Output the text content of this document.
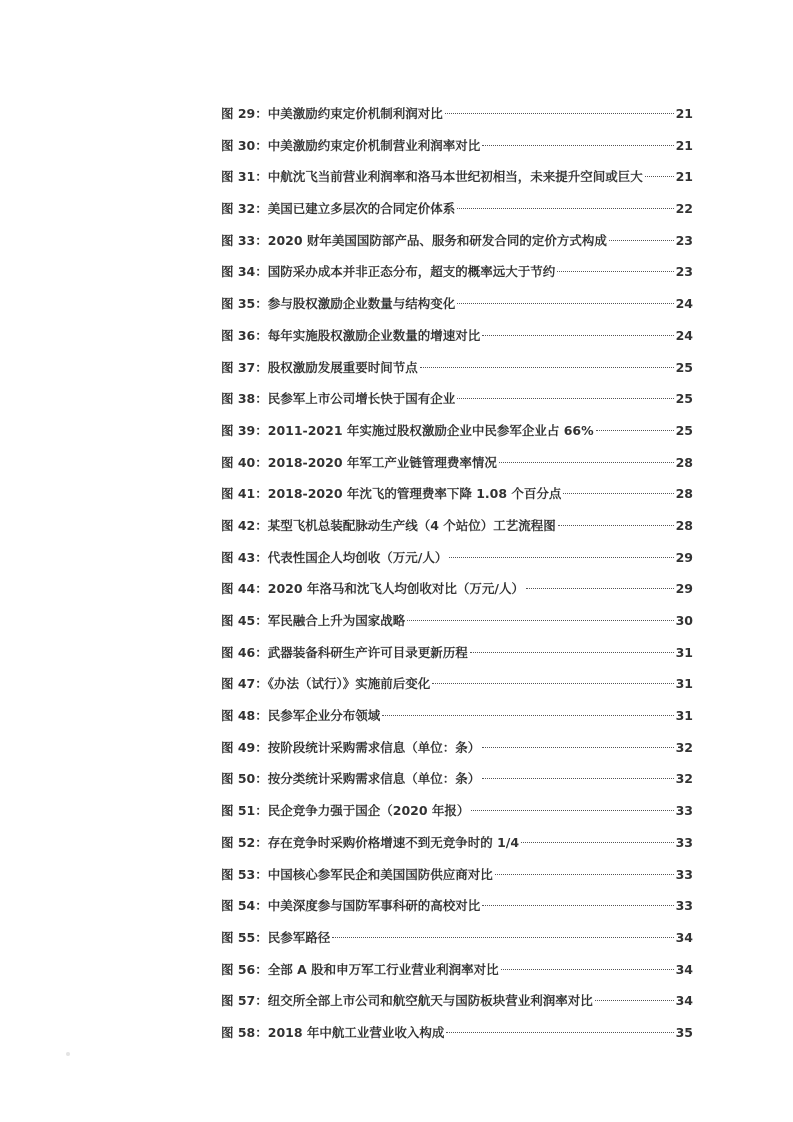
图 29：中美激励约束定价机制利润对比	21
图 30：中美激励约束定价机制营业利润率对比	21
图 31：中航沈飞当前营业利润率和洛马本世纪初相当，未来提升空间或巨大	21
图 32：美国已建立多层次的合同定价体系	22
图 33：2020 财年美国国防部产品、服务和研发合同的定价方式构成	23
图 34：国防采办成本并非正态分布，超支的概率远大于节约	23
图 35：参与股权激励企业数量与结构变化	24
图 36：每年实施股权激励企业数量的增速对比	24
图 37：股权激励发展重要时间节点	25
图 38：民参军上市公司增长快于国有企业	25
图 39：2011-2021 年实施过股权激励企业中民参军企业占 66%	25
图 40：2018-2020 年军工产业链管理费率情况	28
图 41：2018-2020 年沈飞的管理费率下降 1.08 个百分点	28
图 42：某型飞机总装配脉动生产线（4 个站位）工艺流程图	28
图 43：代表性国企人均创收（万元/人）	29
图 44：2020 年洛马和沈飞人均创收对比（万元/人）	29
图 45：军民融合上升为国家战略	30
图 46：武器装备科研生产许可目录更新历程	31
图 47：《办法（试行）》实施前后变化	31
图 48：民参军企业分布领域	31
图 49：按阶段统计采购需求信息（单位：条）	32
图 50：按分类统计采购需求信息（单位：条）	32
图 51：民企竞争力强于国企（2020 年报）	33
图 52：存在竞争时采购价格增速不到无竞争时的 1/4	33
图 53：中国核心参军民企和美国国防供应商对比	33
图 54：中美深度参与国防军事科研的高校对比	33
图 55：民参军路径	34
图 56：全部 A 股和申万军工行业营业利润率对比	34
图 57：纽交所全部上市公司和航空航天与国防板块营业利润率对比	34
图 58：2018 年中航工业营业收入构成	35
